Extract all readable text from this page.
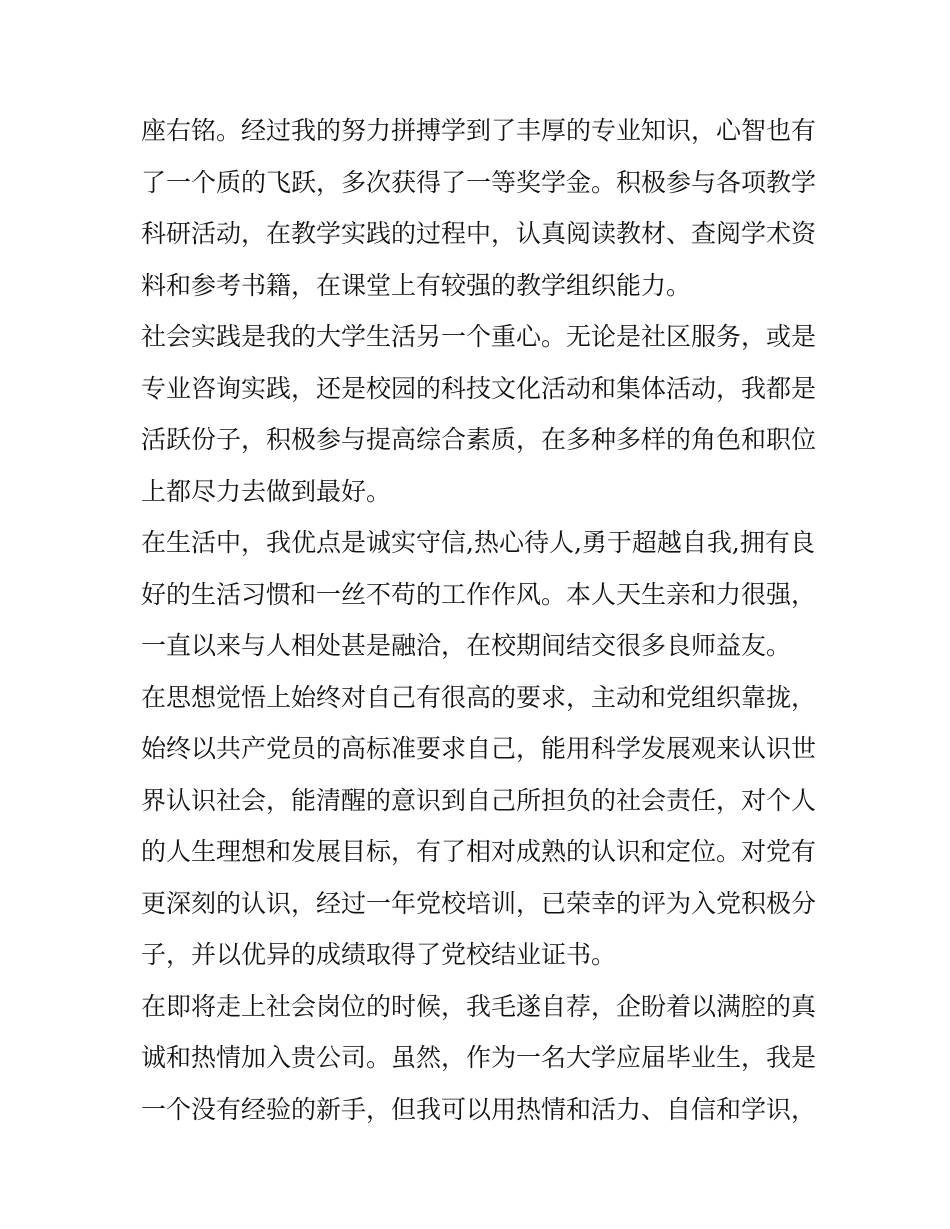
座右铭。经过我的努力拼搏学到了丰厚的专业知识，心智也有
了一个质的飞跃，多次获得了一等奖学金。积极参与各项教学
科研活动，在教学实践的过程中，认真阅读教材、查阅学术资
料和参考书籍，在课堂上有较强的教学组织能力。
社会实践是我的大学生活另一个重心。无论是社区服务，或是
专业咨询实践，还是校园的科技文化活动和集体活动，我都是
活跃份子，积极参与提高综合素质，在多种多样的角色和职位
上都尽力去做到最好。
在生活中，我优点是诚实守信,热心待人,勇于超越自我,拥有良
好的生活习惯和一丝不苟的工作作风。本人天生亲和力很强，
一直以来与人相处甚是融洽，在校期间结交很多良师益友。
在思想觉悟上始终对自己有很高的要求，主动和党组织靠拢，
始终以共产党员的高标准要求自己，能用科学发展观来认识世
界认识社会，能清醒的意识到自己所担负的社会责任，对个人
的人生理想和发展目标，有了相对成熟的认识和定位。对党有
更深刻的认识，经过一年党校培训，已荣幸的评为入党积极分
子，并以优异的成绩取得了党校结业证书。
在即将走上社会岗位的时候，我毛遂自荐，企盼着以满腔的真
诚和热情加入贵公司。虽然，作为一名大学应届毕业生，我是
一个没有经验的新手，但我可以用热情和活力、自信和学识，
